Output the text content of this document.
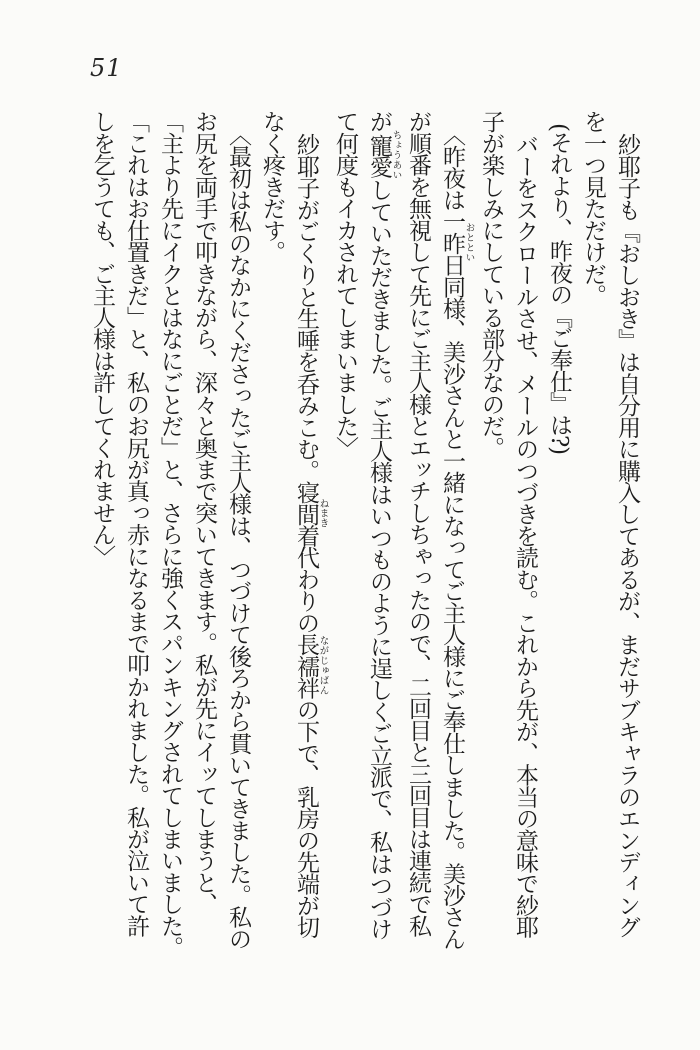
51

紗耶子も『おしおき』は自分用に購入してあるが、まだサブキャラのエンディング

を一つ見ただけだ。

(それより、昨夜の『ご奉仕』は?)

バーをスクロールさせ、メールのつづきを読む。これから先が、本当の意味で紗耶

子が楽しみにしている部分なのだ。

〈昨夜は一昨日おととい同様、美沙さんと一緒になってご主人様にご奉仕しました。美沙さん

が順番を無視して先にご主人様とエッチしちゃったので、二回目と三回目は連続で私

が寵愛ちょうあいしていただきました。ご主人様はいつものように逞しくご立派で、私はつづけ

て何度もイカされてしまいました〉

紗耶子がごくりと生唾を呑みこむ。寝間着ねまき代わりの長襦袢ながじゅばんの下で、乳房の先端が切

なく疼きだす。

〈最初は私のなかにくださったご主人様は、つづけて後ろから貫いてきました。私の

お尻を両手で叩きながら、深々と奥まで突いてきます。私が先にイッてしまうと、

「主より先にイクとはなにごとだ」と、さらに強くスパンキングされてしまいました。

「これはお仕置きだ」と、私のお尻が真っ赤になるまで叩かれました。私が泣いて許

しを乞うても、ご主人様は許してくれません〉
